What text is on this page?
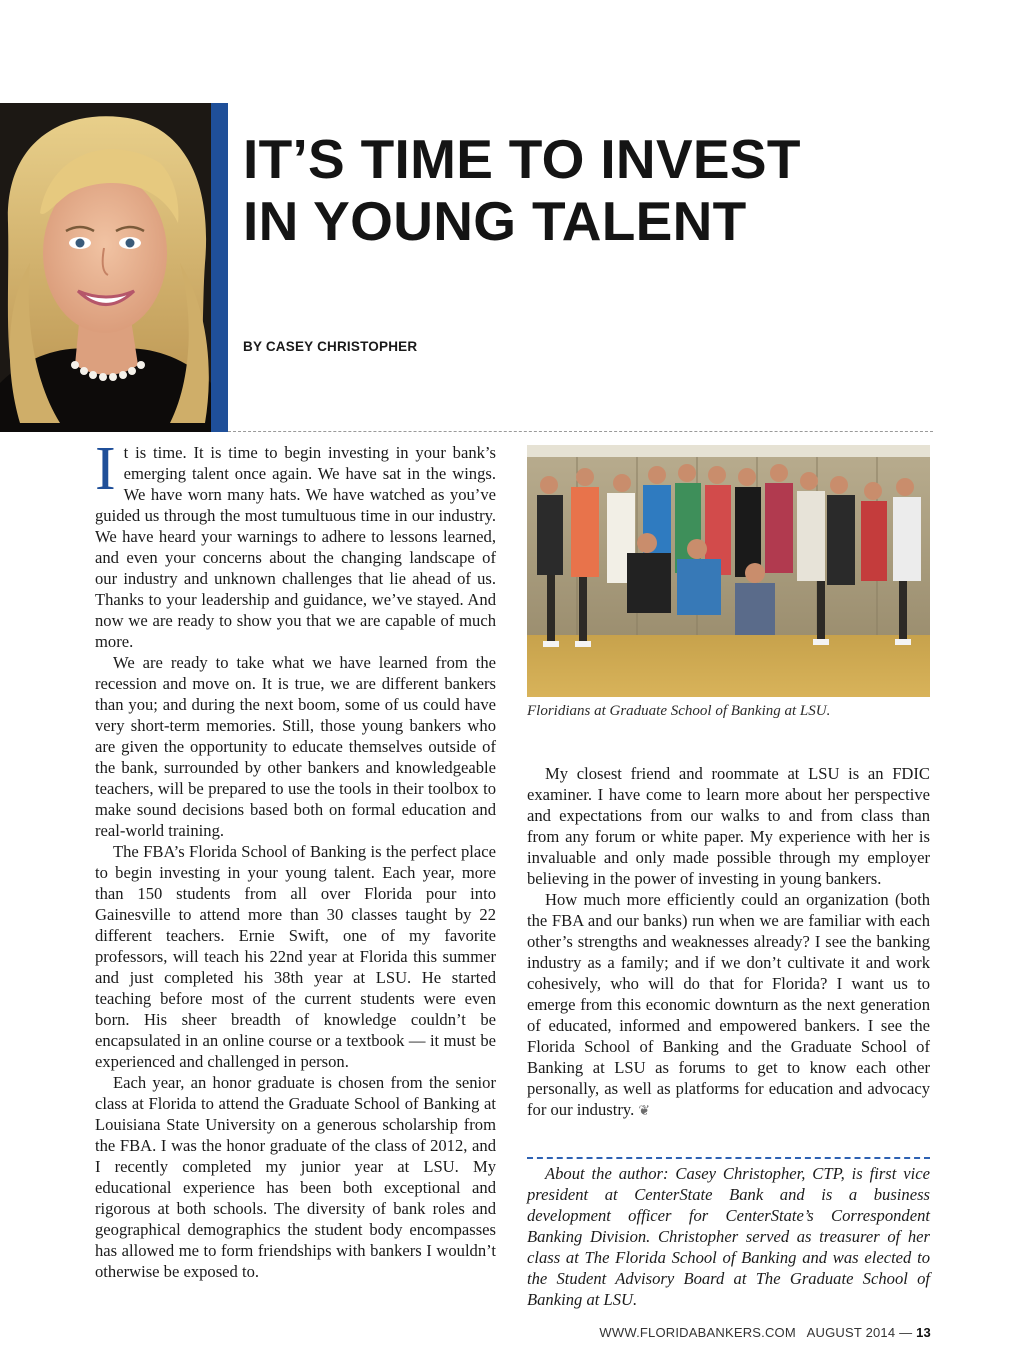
IT’S TIME TO INVEST
IN YOUNG TALENT

BY CASEY CHRISTOPHER

It is time. It is time to begin investing in your bank’s emerging talent once again. We have sat in the wings. We have worn many hats. We have watched as you’ve guided us through the most tumultuous time in our industry. We have heard your warnings to adhere to lessons learned, and even your concerns about the changing landscape of our industry and unknown challenges that lie ahead of us. Thanks to your leadership and guidance, we’ve stayed. And now we are ready to show you that we are capable of much more.

We are ready to take what we have learned from the recession and move on. It is true, we are different bankers than you; and during the next boom, some of us could have very short-term memories. Still, those young bankers who are given the opportunity to educate themselves outside of the bank, surrounded by other bankers and knowledgeable teachers, will be prepared to use the tools in their toolbox to make sound decisions based both on formal education and real-world training.

The FBA’s Florida School of Banking is the perfect place to begin investing in your young talent. Each year, more than 150 students from all over Florida pour into Gainesville to attend more than 30 classes taught by 22 different teachers. Ernie Swift, one of my favorite professors, will teach his 22nd year at Florida this summer and just completed his 38th year at LSU. He started teaching before most of the current students were even born. His sheer breadth of knowledge couldn’t be encapsulated in an online course or a textbook — it must be experienced and challenged in person.

Each year, an honor graduate is chosen from the senior class at Florida to attend the Graduate School of Banking at Louisiana State University on a generous scholarship from the FBA. I was the honor graduate of the class of 2012, and I recently completed my junior year at LSU. My educational experience has been both exceptional and rigorous at both schools. The diversity of bank roles and geographical demographics the student body encompasses has allowed me to form friendships with bankers I wouldn’t otherwise be exposed to.

Floridians at Graduate School of Banking at LSU.

My closest friend and roommate at LSU is an FDIC examiner. I have come to learn more about her perspective and expectations from our walks to and from class than from any forum or white paper. My experience with her is invaluable and only made possible through my employer believing in the power of investing in young bankers.

How much more efficiently could an organization (both the FBA and our banks) run when we are familiar with each other’s strengths and weaknesses already? I see the banking industry as a family; and if we don’t cultivate it and work cohesively, who will do that for Florida? I want us to emerge from this economic downturn as the next generation of educated, informed and empowered bankers. I see the Florida School of Banking and the Graduate School of Banking at LSU as forums to get to know each other personally, as well as platforms for education and advocacy for our industry. ❦

About the author: Casey Christopher, CTP, is first vice president at CenterState Bank and is a business development officer for CenterState’s Correspondent Banking Division. Christopher served as treasurer of her class at The Florida School of Banking and was elected to the Student Advisory Board at The Graduate School of Banking at LSU.

WWW.FLORIDABANKERS.COM AUGUST 2014 — 13
